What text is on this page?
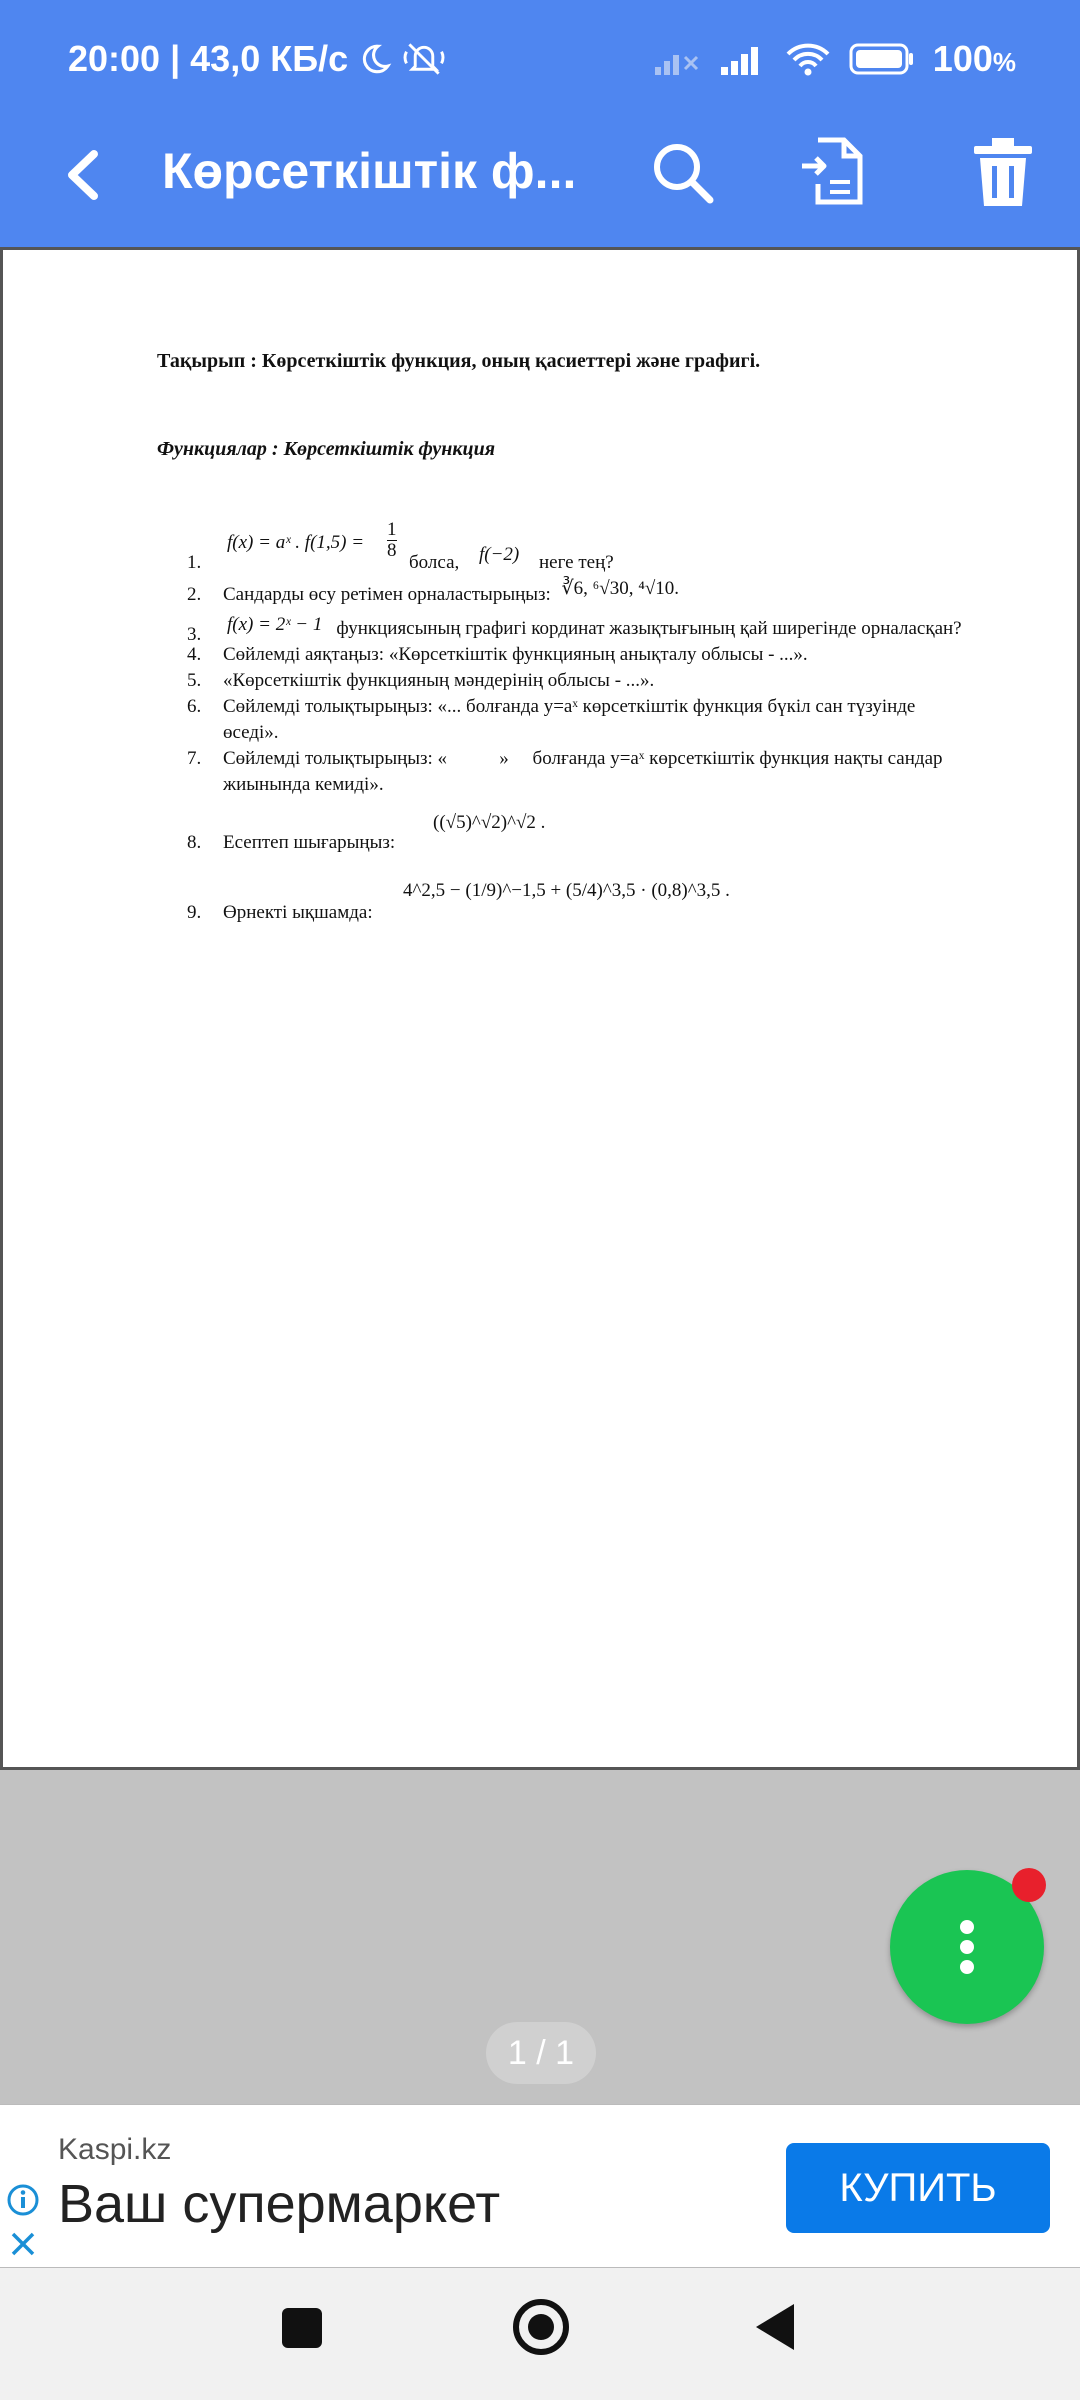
20:00 | 43,0 КБ/с	100%
Көрсеткіштік ф...
Тақырып : Көрсеткіштік функция, оның қасиеттері және графигі.
Функциялар : Көрсеткіштік функция
1.
f(x) = aˣ . f(1,5) =
1
8
болса, f(−2) неге тең?
2. Сандарды өсу ретімен орналастырыңыз: ∛6, ⁶√30, ⁴√10.
3. f(x) = 2ˣ − 1 функциясының графигі кординат жазықтығының қай ширегінде орналасқан?
4. Сөйлемді аяқтаңыз: «Көрсеткіштік функцияның анықталу облысы - ...».
5. «Көрсеткіштік функцияның мәндерінің облысы - ...».
6. Сөйлемді толықтырыңыз: «... болғанда y=aˣ көрсеткіштік функция бүкіл сан түзуінде өседі».
7. Сөйлемді толықтырыңыз: «           »     болғанда y=aˣ көрсеткіштік функция нақты сандар жиынында кемиді».
8. Есептеп шығарыңыз:
((√5)^√2)^√2 .
9. Өрнекті ықшамда:
4^2,5 − (1/9)^−1,5 + (5/4)^3,5 · (0,8)^3,5 .
1 / 1
Kaspi.kz
Ваш супермаркет	КУПИТЬ
